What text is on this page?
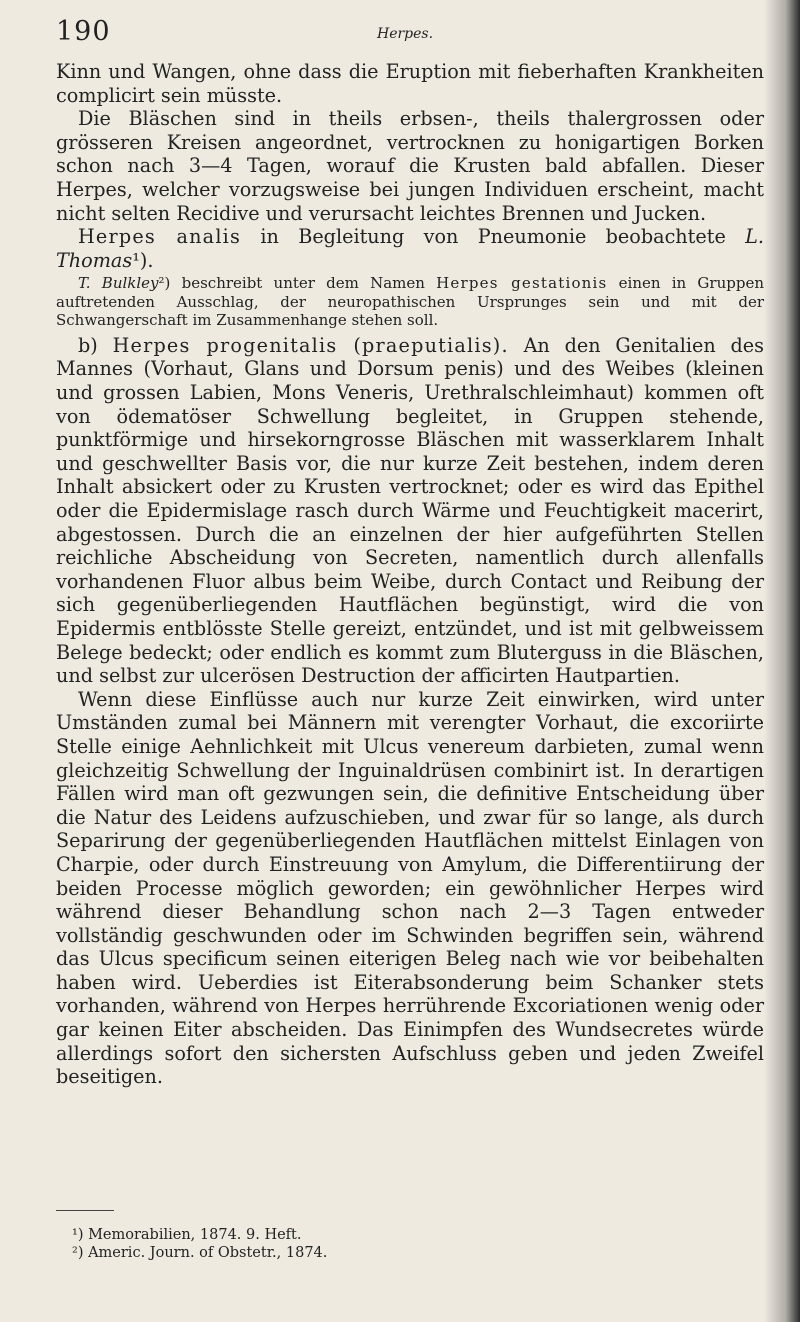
190	Herpes.

Kinn und Wangen, ohne dass die Eruption mit fieberhaften Krankheiten complicirt sein müsste.

Die Bläschen sind in theils erbsen-, theils thalergrossen oder grösseren Kreisen angeordnet, vertrocknen zu honigartigen Borken schon nach 3—4 Tagen, worauf die Krusten bald abfallen. Dieser Herpes, welcher vorzugsweise bei jungen Individuen erscheint, macht nicht selten Recidive und verursacht leichtes Brennen und Jucken.

Herpes analis in Begleitung von Pneumonie beobachtete L. Thomas¹).

T. Bulkley²) beschreibt unter dem Namen Herpes gestationis einen in Gruppen auftretenden Ausschlag, der neuropathischen Ursprunges sein und mit der Schwangerschaft im Zusammenhange stehen soll.

b) Herpes progenitalis (praeputialis). An den Genitalien des Mannes (Vorhaut, Glans und Dorsum penis) und des Weibes (kleinen und grossen Labien, Mons Veneris, Urethralschleimhaut) kommen oft von ödematöser Schwellung begleitet, in Gruppen stehende, punktförmige und hirsekorngrosse Bläschen mit wasserklarem Inhalt und geschwellter Basis vor, die nur kurze Zeit bestehen, indem deren Inhalt absickert oder zu Krusten vertrocknet; oder es wird das Epithel oder die Epidermislage rasch durch Wärme und Feuchtigkeit macerirt, abgestossen. Durch die an einzelnen der hier aufgeführten Stellen reichliche Abscheidung von Secreten, namentlich durch allenfalls vorhandenen Fluor albus beim Weibe, durch Contact und Reibung der sich gegenüberliegenden Hautflächen begünstigt, wird die von Epidermis entblösste Stelle gereizt, entzündet, und ist mit gelbweissem Belege bedeckt; oder endlich es kommt zum Bluterguss in die Bläschen, und selbst zur ulcerösen Destruction der afficirten Hautpartien.

Wenn diese Einflüsse auch nur kurze Zeit einwirken, wird unter Umständen zumal bei Männern mit verengter Vorhaut, die excoriirte Stelle einige Aehnlichkeit mit Ulcus venereum darbieten, zumal wenn gleichzeitig Schwellung der Inguinaldrüsen combinirt ist. In derartigen Fällen wird man oft gezwungen sein, die definitive Entscheidung über die Natur des Leidens aufzuschieben, und zwar für so lange, als durch Separirung der gegenüberliegenden Hautflächen mittelst Einlagen von Charpie, oder durch Einstreuung von Amylum, die Differentiirung der beiden Processe möglich geworden; ein gewöhnlicher Herpes wird während dieser Behandlung schon nach 2—3 Tagen entweder vollständig geschwunden oder im Schwinden begriffen sein, während das Ulcus specificum seinen eiterigen Beleg nach wie vor beibehalten haben wird. Ueberdies ist Eiterabsonderung beim Schanker stets vorhanden, während von Herpes herrührende Excoriationen wenig oder gar keinen Eiter abscheiden. Das Einimpfen des Wundsecretes würde allerdings sofort den sichersten Aufschluss geben und jeden Zweifel beseitigen.

¹) Memorabilien, 1874. 9. Heft.
²) Americ. Journ. of Obstetr., 1874.
